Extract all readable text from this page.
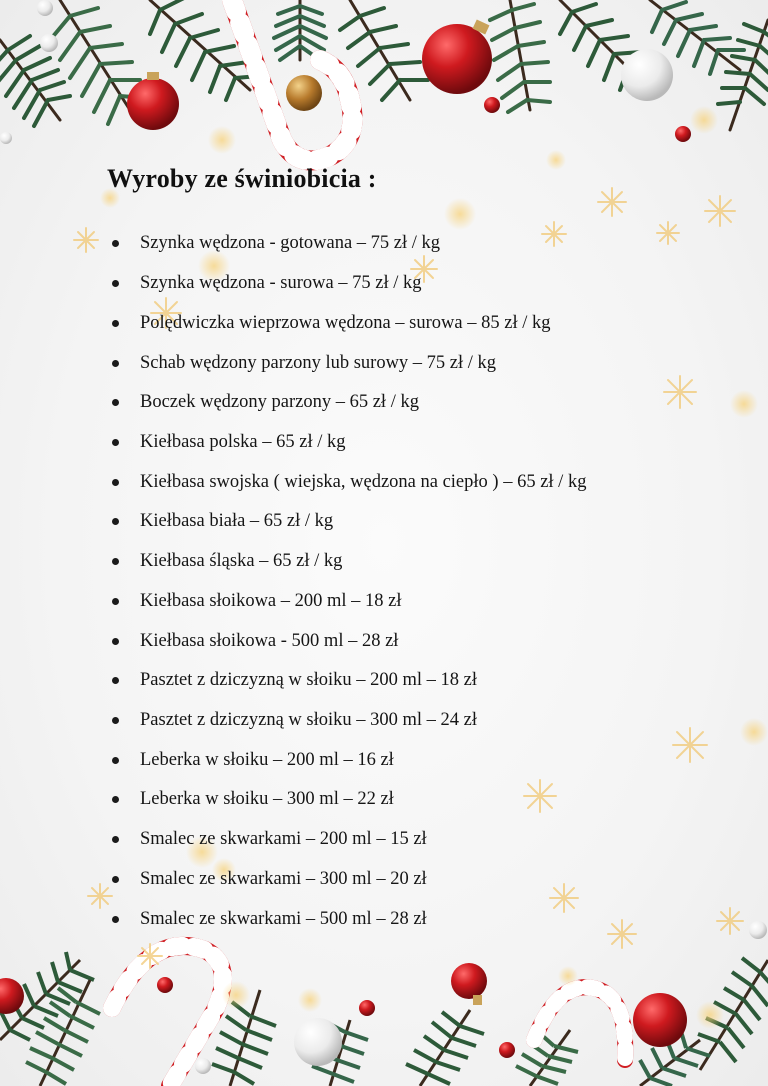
Wyroby ze świniobicia :
Szynka wędzona - gotowana – 75 zł / kg
Szynka wędzona - surowa – 75 zł / kg
Polędwiczka wieprzowa wędzona – surowa – 85 zł / kg
Schab wędzony parzony lub surowy – 75 zł / kg
Boczek wędzony parzony – 65 zł / kg
Kiełbasa polska – 65 zł / kg
Kiełbasa swojska ( wiejska, wędzona na ciepło ) – 65 zł / kg
Kiełbasa biała – 65 zł / kg
Kiełbasa śląska – 65 zł / kg
Kiełbasa słoikowa – 200 ml – 18 zł
Kiełbasa słoikowa - 500 ml – 28 zł
Pasztet z dziczyzną w słoiku – 200 ml – 18 zł
Pasztet z dziczyzną w słoiku – 300 ml – 24 zł
Leberka w słoiku – 200 ml – 16 zł
Leberka w słoiku – 300 ml – 22 zł
Smalec ze skwarkami – 200 ml – 15 zł
Smalec ze skwarkami – 300 ml – 20 zł
Smalec ze skwarkami – 500 ml – 28 zł
